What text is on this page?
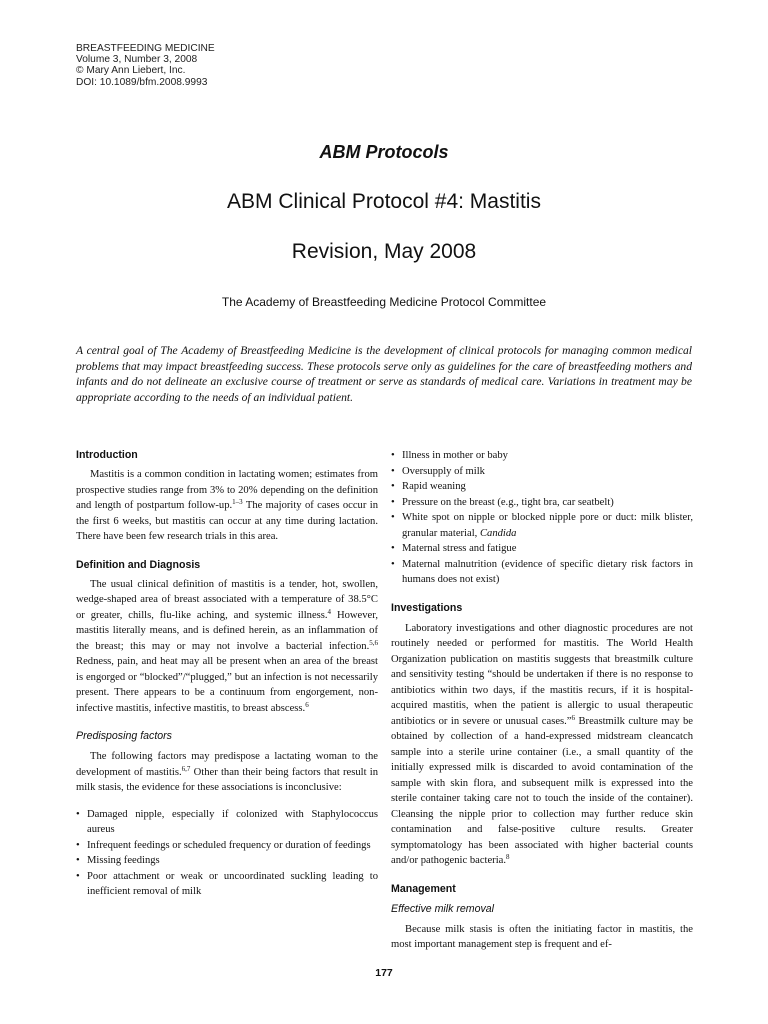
BREASTFEEDING MEDICINE
Volume 3, Number 3, 2008
© Mary Ann Liebert, Inc.
DOI: 10.1089/bfm.2008.9993
ABM Protocols
ABM Clinical Protocol #4: Mastitis
Revision, May 2008
The Academy of Breastfeeding Medicine Protocol Committee

A central goal of The Academy of Breastfeeding Medicine is the development of clinical protocols for managing common medical problems that may impact breastfeeding success. These protocols serve only as guidelines for the care of breastfeeding mothers and infants and do not delineate an exclusive course of treatment or serve as standards of medical care. Variations in treatment may be appropriate according to the needs of an individual patient.

Introduction

Mastitis is a common condition in lactating women; estimates from prospective studies range from 3% to 20% depending on the definition and length of postpartum follow-up.$^{1-3}$ The majority of cases occur in the first 6 weeks, but mastitis can occur at any time during lactation. There have been few research trials in this area.

Definition and Diagnosis

The usual clinical definition of mastitis is a tender, hot, swollen, wedge-shaped area of breast associated with a temperature of 38.5°C or greater, chills, flu-like aching, and systemic illness.$^4$ However, mastitis literally means, and is defined herein, as an inflammation of the breast; this may or may not involve a bacterial infection.$^{5,6}$ Redness, pain, and heat may all be present when an area of the breast is engorged or “blocked”/“plugged,” but an infection is not necessarily present. There appears to be a continuum from engorgement, non-infective mastitis, infective mastitis, to breast abscess.$^6$

Predisposing factors

The following factors may predispose a lactating woman to the development of mastitis.$^{6,7}$ Other than their being factors that result in milk stasis, the evidence for these associations is inconclusive:

• Damaged nipple, especially if colonized with Staphylococcus aureus
• Infrequent feedings or scheduled frequency or duration of feedings
• Missing feedings
• Poor attachment or weak or uncoordinated suckling leading to inefficient removal of milk
• Illness in mother or baby
• Oversupply of milk
• Rapid weaning
• Pressure on the breast (e.g., tight bra, car seatbelt)
• White spot on nipple or blocked nipple pore or duct: milk blister, granular material, Candida
• Maternal stress and fatigue
• Maternal malnutrition (evidence of specific dietary risk factors in humans does not exist)
Investigations

Laboratory investigations and other diagnostic procedures are not routinely needed or performed for mastitis. The World Health Organization publication on mastitis suggests that breastmilk culture and sensitivity testing “should be undertaken if there is no response to antibiotics within two days, if the mastitis recurs, if it is hospital-acquired mastitis, when the patient is allergic to usual therapeutic antibiotics or in severe or unusual cases.”$^6$ Breastmilk culture may be obtained by collection of a hand-expressed midstream cleancatch sample into a sterile urine container (i.e., a small quantity of the initially expressed milk is discarded to avoid contamination of the sample with skin flora, and subsequent milk is expressed into the sterile container taking care not to touch the inside of the container). Cleansing the nipple prior to collection may further reduce skin contamination and false-positive culture results. Greater symptomatology has been associated with higher bacterial counts and/or pathogenic bacteria.$^8$

Management
Effective milk removal

Because milk stasis is often the initiating factor in mastitis, the most important management step is frequent and ef-

177
